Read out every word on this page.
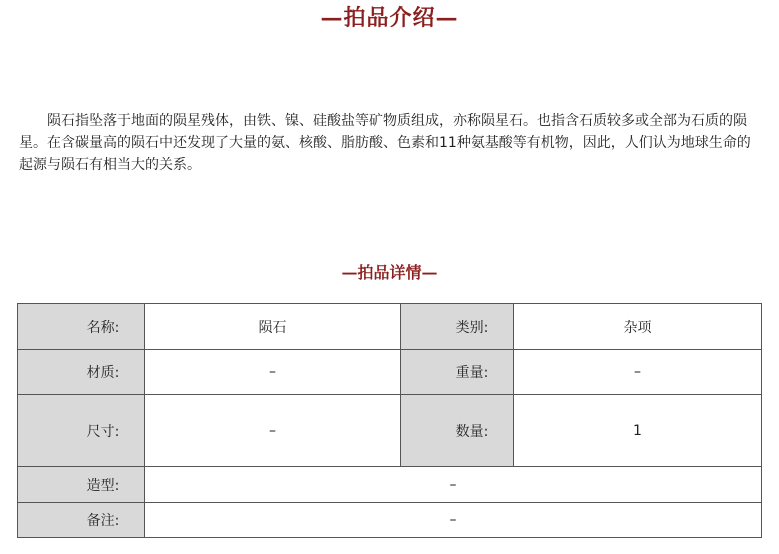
—拍品介绍—

陨石指坠落于地面的陨星残体，由铁、镍、硅酸盐等矿物质组成，亦称陨星石。也指含石质较多或全部为石质的陨星。在含碳量高的陨石中还发现了大量的氨、核酸、脂肪酸、色素和11种氨基酸等有机物，因此，人们认为地球生命的起源与陨石有相当大的关系。

—拍品详情—
名称:	陨石	类别:	杂项
材质:	–	重量:	–
尺寸:	–	数量:	1
造型:	–		
备注:	–		
